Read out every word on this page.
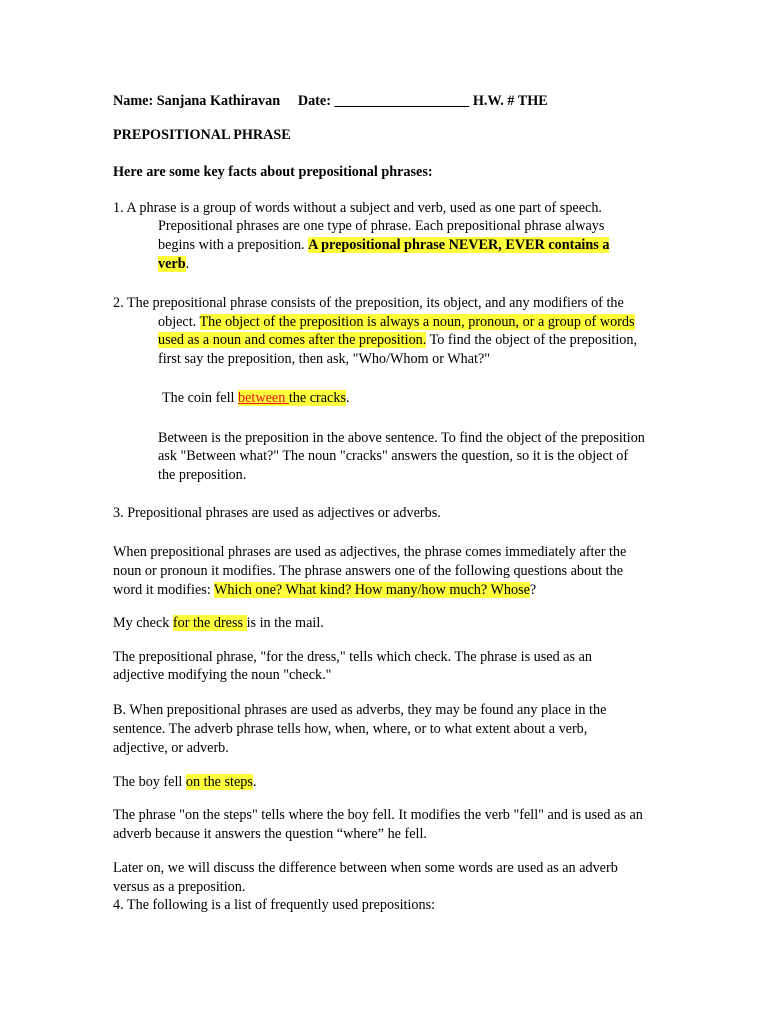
Name: Sanjana Kathiravan Date: ___________________ H.W. # THE
PREPOSITIONAL PHRASE
Here are some key facts about prepositional phrases:
1. A phrase is a group of words without a subject and verb, used as one part of speech.
Prepositional phrases are one type of phrase. Each prepositional phrase always
begins with a preposition. A prepositional phrase NEVER, EVER contains a
verb.
2. The prepositional phrase consists of the preposition, its object, and any modifiers of the
object. The object of the preposition is always a noun, pronoun, or a group of words
used as a noun and comes after the preposition. To find the object of the preposition,
first say the preposition, then ask, "Who/Whom or What?"
The coin fell between the cracks.
Between is the preposition in the above sentence. To find the object of the preposition
ask "Between what?" The noun "cracks" answers the question, so it is the object of
the preposition.
3. Prepositional phrases are used as adjectives or adverbs.
When prepositional phrases are used as adjectives, the phrase comes immediately after the
noun or pronoun it modifies. The phrase answers one of the following questions about the
word it modifies: Which one? What kind? How many/how much? Whose?
My check for the dress is in the mail.
The prepositional phrase, "for the dress," tells which check. The phrase is used as an
adjective modifying the noun "check."
B. When prepositional phrases are used as adverbs, they may be found any place in the
sentence. The adverb phrase tells how, when, where, or to what extent about a verb,
adjective, or adverb.
The boy fell on the steps.
The phrase "on the steps" tells where the boy fell. It modifies the verb "fell" and is used as an
adverb because it answers the question “where” he fell.
Later on, we will discuss the difference between when some words are used as an adverb
versus as a preposition.
4. The following is a list of frequently used prepositions:
